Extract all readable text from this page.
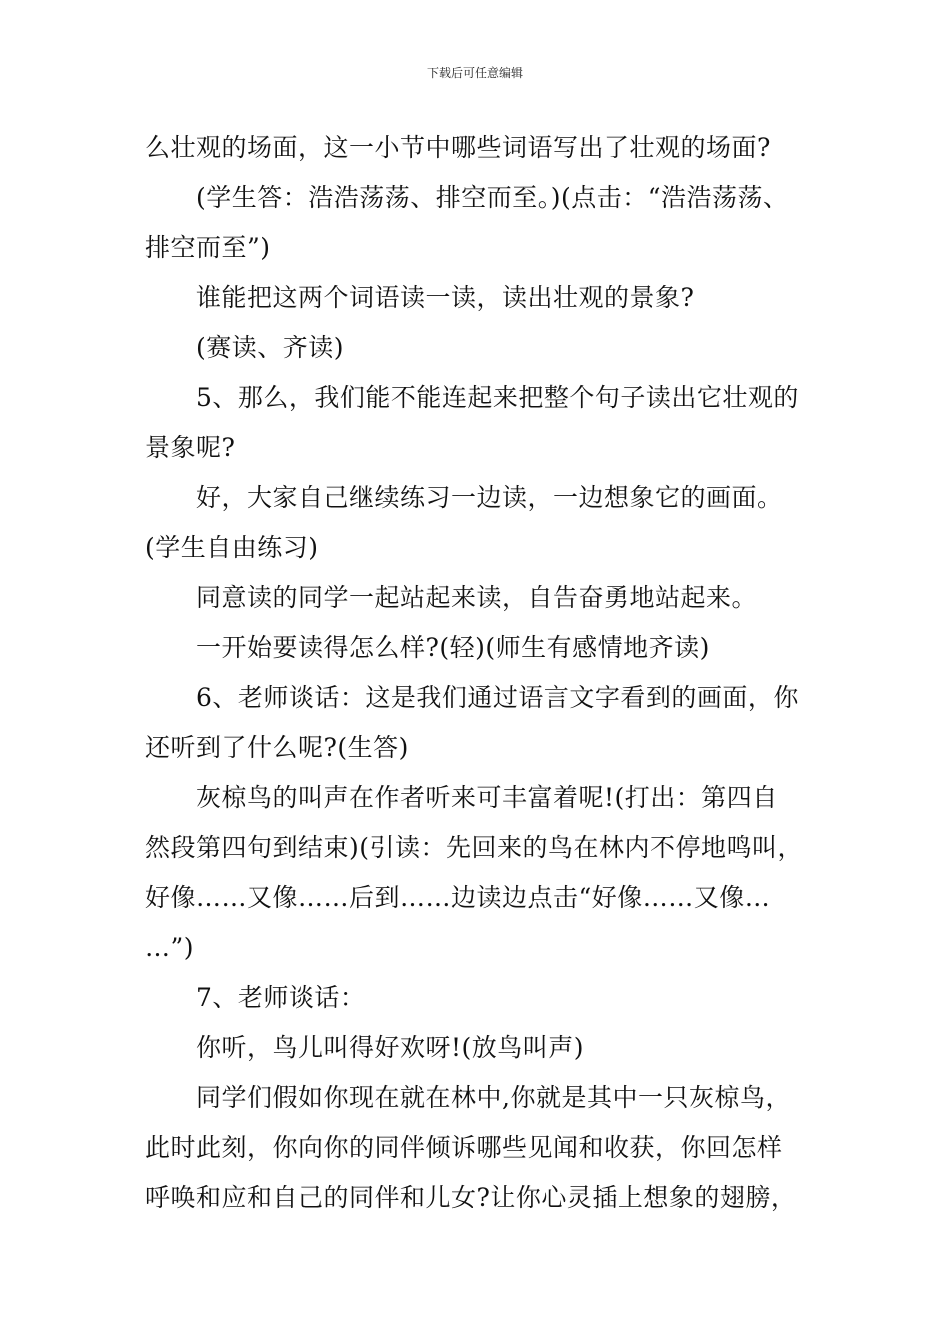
下载后可任意编辑
么壮观的场面，这一小节中哪些词语写出了壮观的场面?
(学生答：浩浩荡荡、排空而至。)(点击：“浩浩荡荡、
排空而至”)
谁能把这两个词语读一读，读出壮观的景象?
(赛读、齐读)
5、那么，我们能不能连起来把整个句子读出它壮观的
景象呢?
好，大家自己继续练习一边读，一边想象它的画面。
(学生自由练习)
同意读的同学一起站起来读，自告奋勇地站起来。
一开始要读得怎么样?(轻)(师生有感情地齐读)
6、老师谈话：这是我们通过语言文字看到的画面，你
还听到了什么呢?(生答)
灰椋鸟的叫声在作者听来可丰富着呢!(打出：第四自
然段第四句到结束)(引读：先回来的鸟在林内不停地鸣叫，
好像……又像……后到……边读边点击“好像……又像…
…”)
7、老师谈话：
你听，鸟儿叫得好欢呀!(放鸟叫声)
同学们假如你现在就在林中,你就是其中一只灰椋鸟，
此时此刻，你向你的同伴倾诉哪些见闻和收获，你回怎样
呼唤和应和自己的同伴和儿女?让你心灵插上想象的翅膀，
